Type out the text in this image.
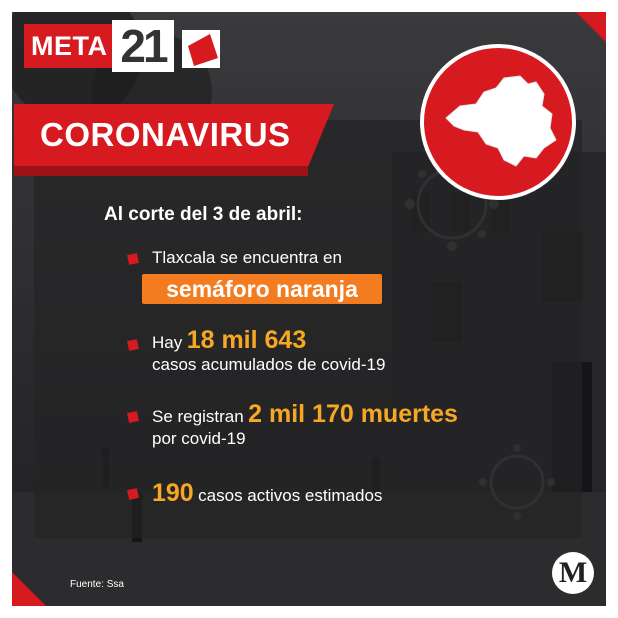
META 21
CORONAVIRUS
Al corte del 3 de abril:
Tlaxcala se encuentra en
semáforo naranja
Hay 18 mil 643
casos acumulados de covid-19
Se registran 2 mil 170 muertes
por covid-19
190 casos activos estimados
Fuente: Ssa	M
